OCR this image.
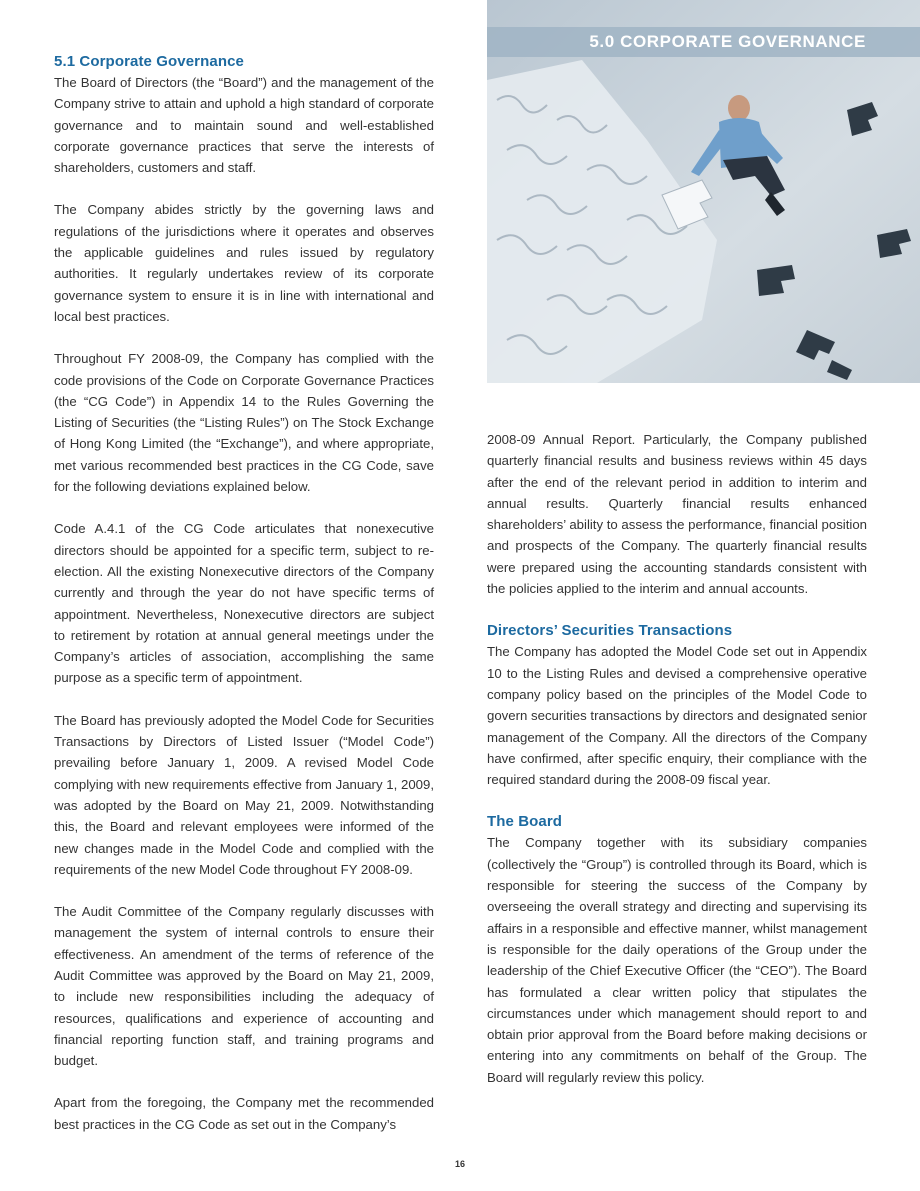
5.0 CORPORATE GOVERNANCE
5.1 Corporate Governance

The Board of Directors (the “Board”) and the management of the Company strive to attain and uphold a high standard of corporate governance and to maintain sound and well-established corporate governance practices that serve the interests of shareholders, customers and staff.

The Company abides strictly by the governing laws and regulations of the jurisdictions where it operates and observes the applicable guidelines and rules issued by regulatory authorities. It regularly undertakes review of its corporate governance system to ensure it is in line with international and local best practices.

Throughout FY 2008-09, the Company has complied with the code provisions of the Code on Corporate Governance Practices (the “CG Code”) in Appendix 14 to the Rules Governing the Listing of Securities (the “Listing Rules”) on The Stock Exchange of Hong Kong Limited (the “Exchange”), and where appropriate, met various recommended best practices in the CG Code, save for the following deviations explained below.

Code A.4.1 of the CG Code articulates that nonexecutive directors should be appointed for a specific term, subject to re-election. All the existing Nonexecutive directors of the Company currently and through the year do not have specific terms of appointment. Nevertheless, Nonexecutive directors are subject to retirement by rotation at annual general meetings under the Company’s articles of association, accomplishing the same purpose as a specific term of appointment.

The Board has previously adopted the Model Code for Securities Transactions by Directors of Listed Issuer (“Model Code”) prevailing before January 1, 2009. A revised Model Code complying with new requirements effective from January 1, 2009, was adopted by the Board on May 21, 2009. Notwithstanding this, the Board and relevant employees were informed of the new changes made in the Model Code and complied with the requirements of the new Model Code throughout FY 2008-09.

The Audit Committee of the Company regularly discusses with management the system of internal controls to ensure their effectiveness. An amendment of the terms of reference of the Audit Committee was approved by the Board on May 21, 2009, to include new responsibilities including the adequacy of resources, qualifications and experience of accounting and financial reporting function staff, and training programs and budget.

Apart from the foregoing, the Company met the recommended best practices in the CG Code as set out in the Company’s

2008-09 Annual Report. Particularly, the Company published quarterly financial results and business reviews within 45 days after the end of the relevant period in addition to interim and annual results. Quarterly financial results enhanced shareholders’ ability to assess the performance, financial position and prospects of the Company. The quarterly financial results were prepared using the accounting standards consistent with the policies applied to the interim and annual accounts.

Directors’ Securities Transactions

The Company has adopted the Model Code set out in Appendix 10 to the Listing Rules and devised a comprehensive operative company policy based on the principles of the Model Code to govern securities transactions by directors and designated senior management of the Company. All the directors of the Company have confirmed, after specific enquiry, their compliance with the required standard during the 2008-09 fiscal year.

The Board

The Company together with its subsidiary companies (collectively the “Group”) is controlled through its Board, which is responsible for steering the success of the Company by overseeing the overall strategy and directing and supervising its affairs in a responsible and effective manner, whilst management is responsible for the daily operations of the Group under the leadership of the Chief Executive Officer (the “CEO”). The Board has formulated a clear written policy that stipulates the circumstances under which management should report to and obtain prior approval from the Board before making decisions or entering into any commitments on behalf of the Group. The Board will regularly review this policy.

16
